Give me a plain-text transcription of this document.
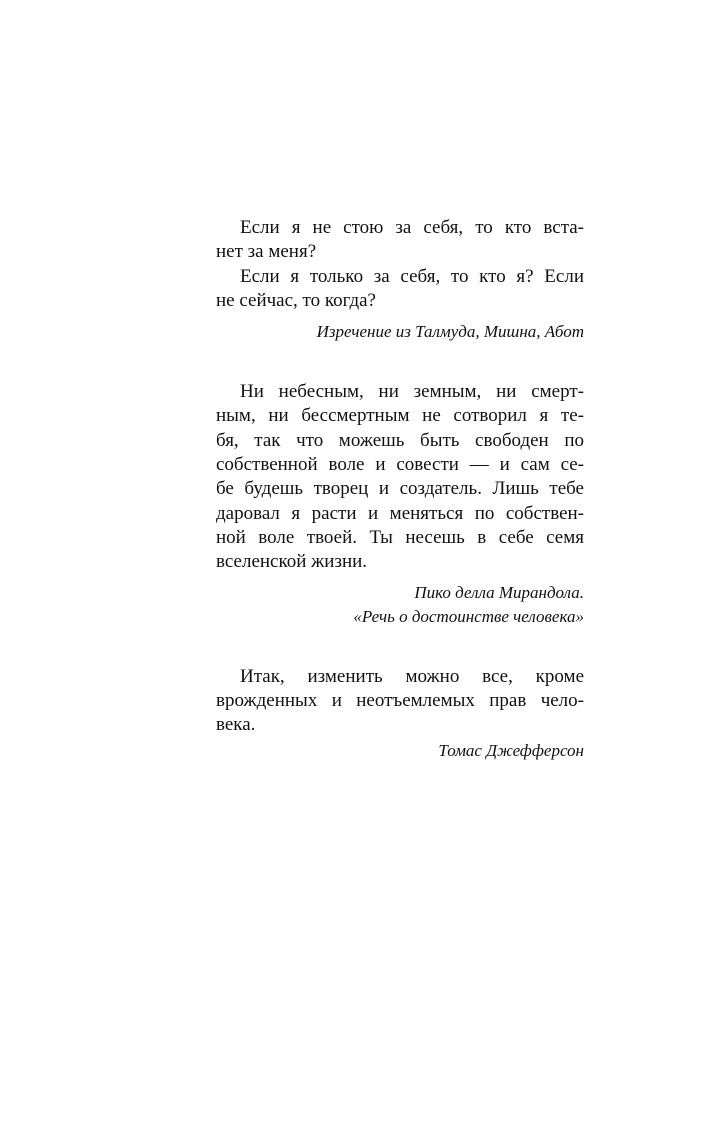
Если я не стою за себя, то кто вста-
нет за меня?
Если я только за себя, то кто я? Если
не сейчас, то когда?
Изречение из Талмуда, Мишна, Абот
Ни небесным, ни земным, ни смерт-
ным, ни бессмертным не сотворил я те-
бя, так что можешь быть свободен по
собственной воле и совести — и сам се-
бе будешь творец и создатель. Лишь тебе
даровал я расти и меняться по собствен-
ной воле твоей. Ты несешь в себе семя
вселенской жизни.
Пико делла Мирандола.
«Речь о достоинстве человека»
Итак, изменить можно все, кроме
врожденных и неотъемлемых прав чело-
века.
Томас Джефферсон
